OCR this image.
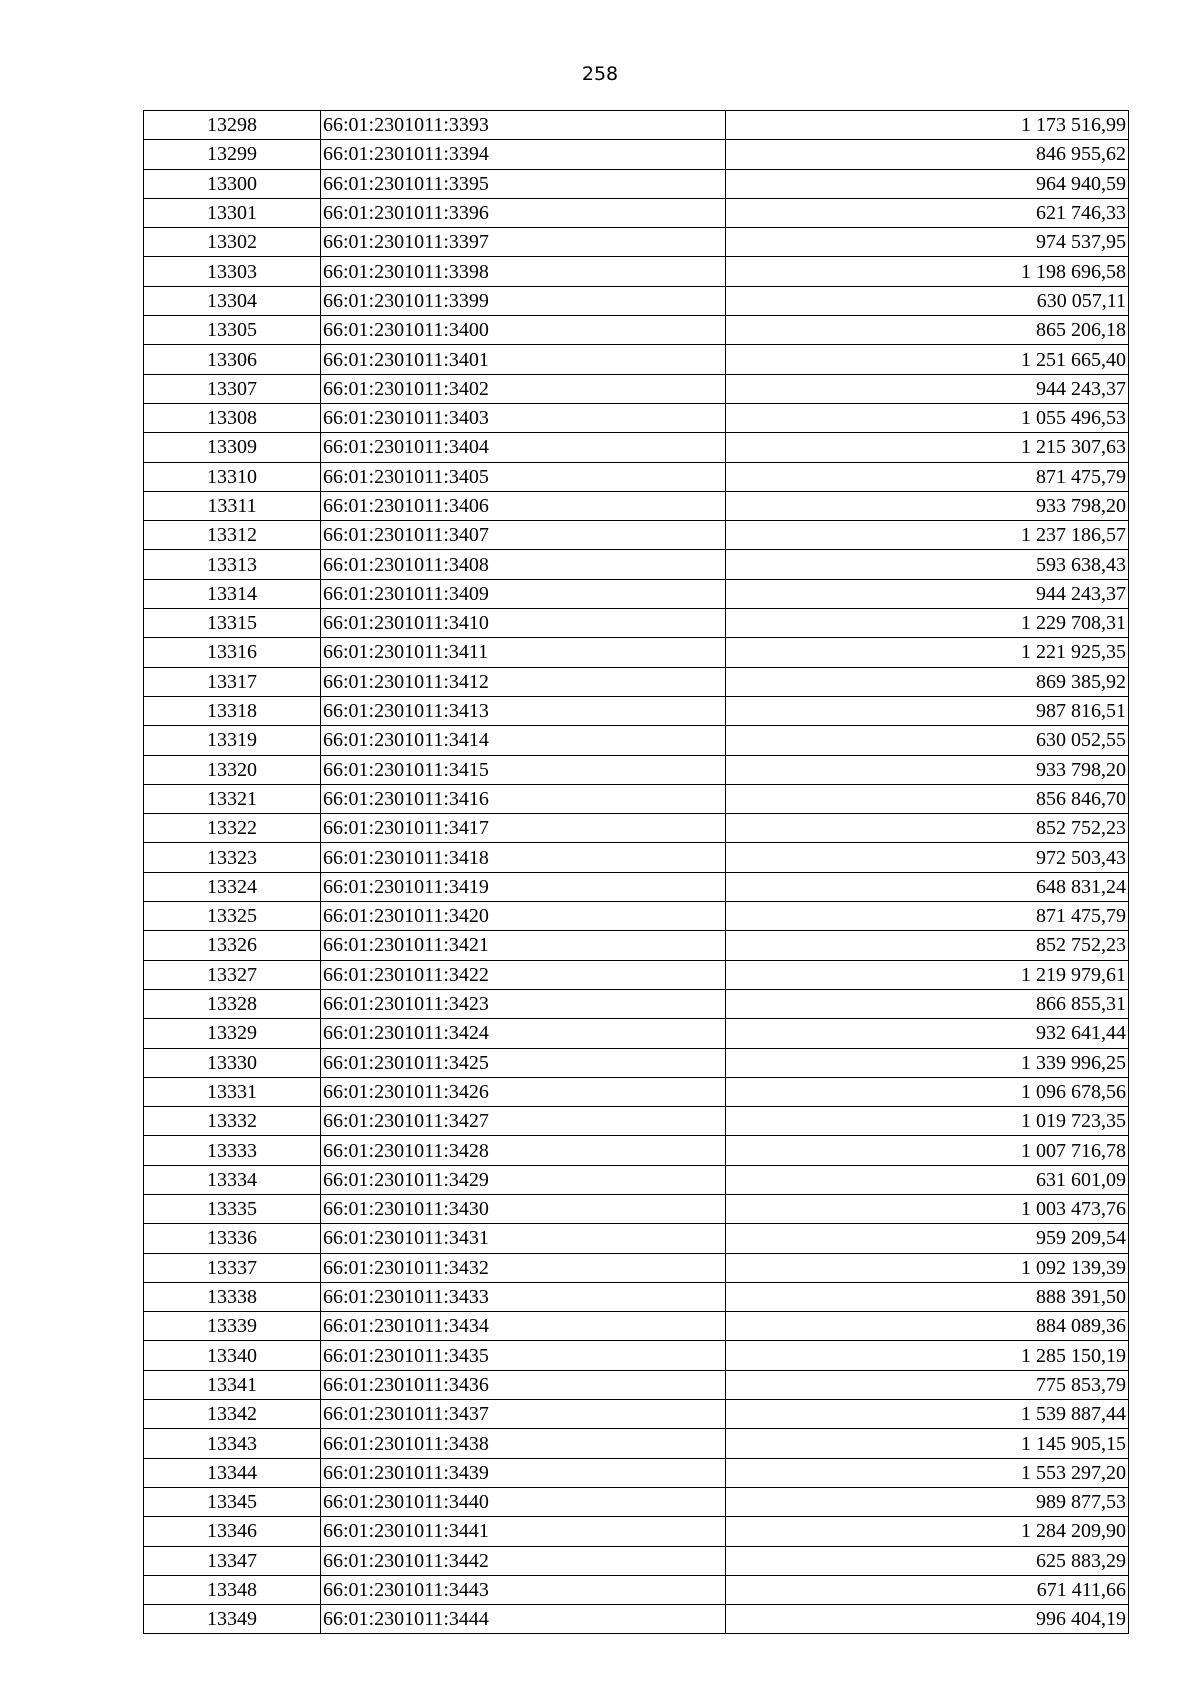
258
13298	66:01:2301011:3393	1 173 516,99
13299	66:01:2301011:3394	846 955,62
13300	66:01:2301011:3395	964 940,59
13301	66:01:2301011:3396	621 746,33
13302	66:01:2301011:3397	974 537,95
13303	66:01:2301011:3398	1 198 696,58
13304	66:01:2301011:3399	630 057,11
13305	66:01:2301011:3400	865 206,18
13306	66:01:2301011:3401	1 251 665,40
13307	66:01:2301011:3402	944 243,37
13308	66:01:2301011:3403	1 055 496,53
13309	66:01:2301011:3404	1 215 307,63
13310	66:01:2301011:3405	871 475,79
13311	66:01:2301011:3406	933 798,20
13312	66:01:2301011:3407	1 237 186,57
13313	66:01:2301011:3408	593 638,43
13314	66:01:2301011:3409	944 243,37
13315	66:01:2301011:3410	1 229 708,31
13316	66:01:2301011:3411	1 221 925,35
13317	66:01:2301011:3412	869 385,92
13318	66:01:2301011:3413	987 816,51
13319	66:01:2301011:3414	630 052,55
13320	66:01:2301011:3415	933 798,20
13321	66:01:2301011:3416	856 846,70
13322	66:01:2301011:3417	852 752,23
13323	66:01:2301011:3418	972 503,43
13324	66:01:2301011:3419	648 831,24
13325	66:01:2301011:3420	871 475,79
13326	66:01:2301011:3421	852 752,23
13327	66:01:2301011:3422	1 219 979,61
13328	66:01:2301011:3423	866 855,31
13329	66:01:2301011:3424	932 641,44
13330	66:01:2301011:3425	1 339 996,25
13331	66:01:2301011:3426	1 096 678,56
13332	66:01:2301011:3427	1 019 723,35
13333	66:01:2301011:3428	1 007 716,78
13334	66:01:2301011:3429	631 601,09
13335	66:01:2301011:3430	1 003 473,76
13336	66:01:2301011:3431	959 209,54
13337	66:01:2301011:3432	1 092 139,39
13338	66:01:2301011:3433	888 391,50
13339	66:01:2301011:3434	884 089,36
13340	66:01:2301011:3435	1 285 150,19
13341	66:01:2301011:3436	775 853,79
13342	66:01:2301011:3437	1 539 887,44
13343	66:01:2301011:3438	1 145 905,15
13344	66:01:2301011:3439	1 553 297,20
13345	66:01:2301011:3440	989 877,53
13346	66:01:2301011:3441	1 284 209,90
13347	66:01:2301011:3442	625 883,29
13348	66:01:2301011:3443	671 411,66
13349	66:01:2301011:3444	996 404,19
